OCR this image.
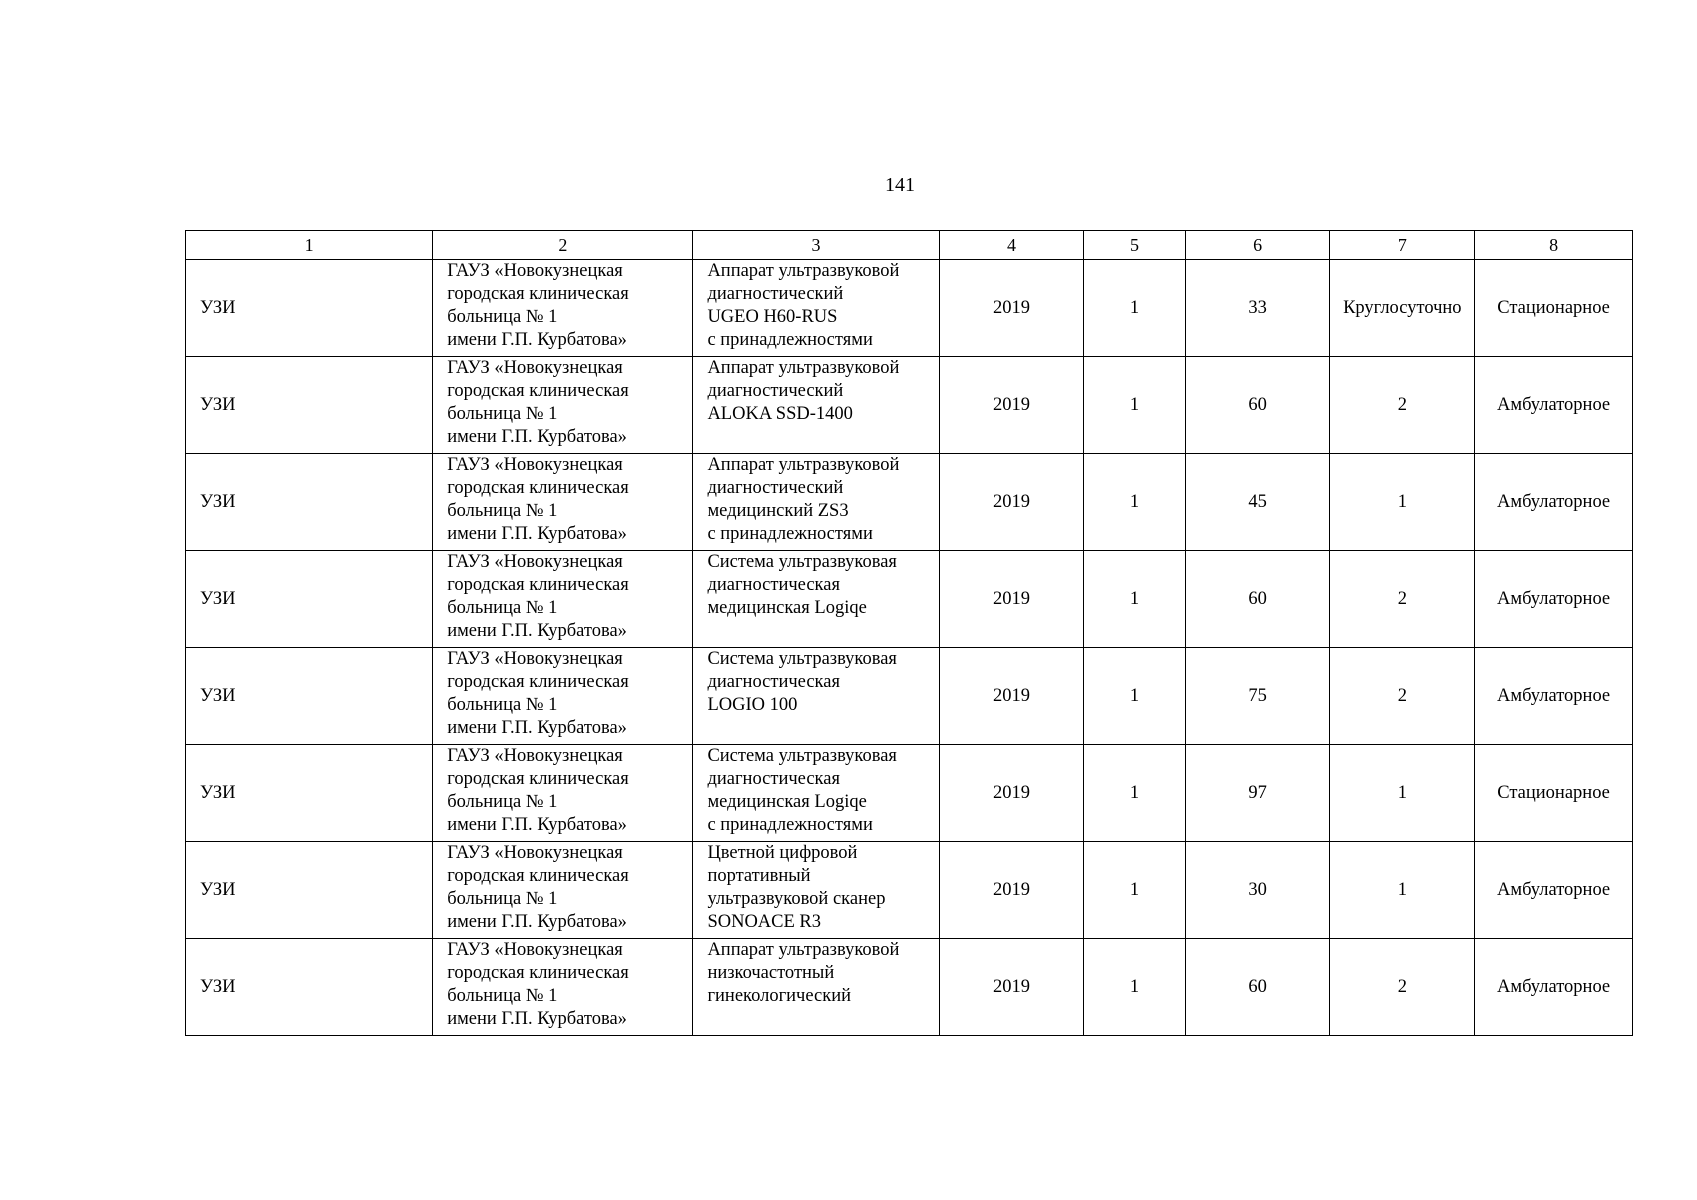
141
1	2	3	4	5	6	7	8
УЗИ	ГАУЗ «Новокузнецкая
городская клиническая
больница № 1
имени Г.П. Курбатова»	Аппарат ультразвуковой
диагностический
UGEO H60-RUS
с принадлежностями	2019	1	33	Круглосуточно	Стационарное
УЗИ	ГАУЗ «Новокузнецкая
городская клиническая
больница № 1
имени Г.П. Курбатова»	Аппарат ультразвуковой
диагностический
ALOKA SSD-1400	2019	1	60	2	Амбулаторное
УЗИ	ГАУЗ «Новокузнецкая
городская клиническая
больница № 1
имени Г.П. Курбатова»	Аппарат ультразвуковой
диагностический
медицинский ZS3
с принадлежностями	2019	1	45	1	Амбулаторное
УЗИ	ГАУЗ «Новокузнецкая
городская клиническая
больница № 1
имени Г.П. Курбатова»	Система ультразвуковая
диагностическая
медицинская Logiqe	2019	1	60	2	Амбулаторное
УЗИ	ГАУЗ «Новокузнецкая
городская клиническая
больница № 1
имени Г.П. Курбатова»	Система ультразвуковая
диагностическая
LOGIO 100	2019	1	75	2	Амбулаторное
УЗИ	ГАУЗ «Новокузнецкая
городская клиническая
больница № 1
имени Г.П. Курбатова»	Система ультразвуковая
диагностическая
медицинская Logiqe
с принадлежностями	2019	1	97	1	Стационарное
УЗИ	ГАУЗ «Новокузнецкая
городская клиническая
больница № 1
имени Г.П. Курбатова»	Цветной цифровой
портативный
ультразвуковой сканер
SONOACE R3	2019	1	30	1	Амбулаторное
УЗИ	ГАУЗ «Новокузнецкая
городская клиническая
больница № 1
имени Г.П. Курбатова»	Аппарат ультразвуковой
низкочастотный
гинекологический	2019	1	60	2	Амбулаторное
